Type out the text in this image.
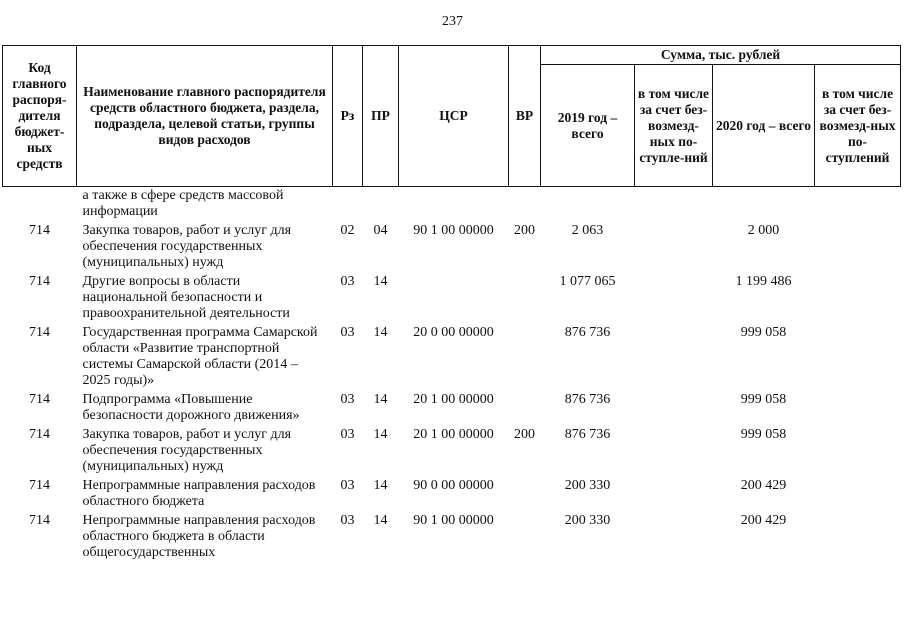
237
Код главного распоря-дителя бюджет-ных средств	Наименование главного распорядителя средств областного бюджета, раздела, подраздела, целевой статьи, группы видов расходов	Рз	ПР	ЦСР	ВР	Сумма, тыс. рублей			
						2019 год – всего	в том числе за счет без-возмезд-ных по-ступле-ний	2020 год – всего	в том числе за счет без-возмезд-ных по-ступлений
	а также в сфере средств массовой информации								
714	Закупка товаров, работ и услуг для обеспечения государственных (муниципальных) нужд	02	04	90 1 00 00000	200	2 063		2 000	
714	Другие вопросы в области национальной безопасности и правоохранительной деятельности	03	14			1 077 065		1 199 486	
714	Государственная программа Самарской области «Развитие транспортной системы Самарской области (2014 – 2025 годы)»	03	14	20 0 00 00000		876 736		999 058	
714	Подпрограмма «Повышение безопасности дорожного движения»	03	14	20 1 00 00000		876 736		999 058	
714	Закупка товаров, работ и услуг для обеспечения государственных (муниципальных) нужд	03	14	20 1 00 00000	200	876 736		999 058	
714	Непрограммные направления расходов областного бюджета	03	14	90 0 00 00000		200 330		200 429	
714	Непрограммные направления расходов областного бюджета в области общегосударственных	03	14	90 1 00 00000		200 330		200 429	
